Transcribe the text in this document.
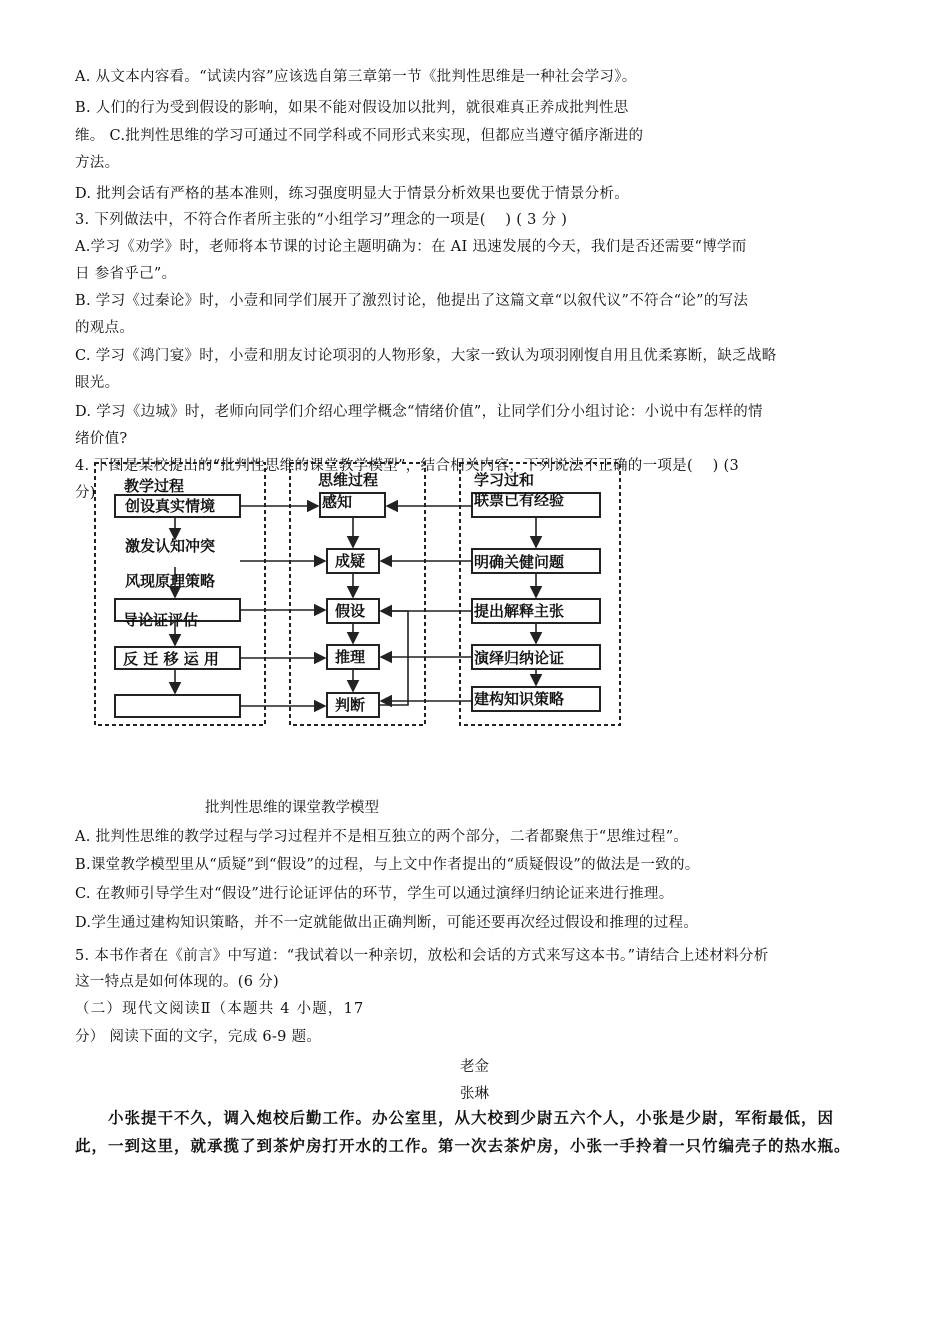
A. 从文本内容看。“试读内容”应该选自第三章第一节《批判性思维是一种社会学习》。
B. 人们的行为受到假设的影响，如果不能对假设加以批判，就很难真正养成批判性思
维。 C.批判性思维的学习可通过不同学科或不同形式来实现，但都应当遵守循序渐进的
方法。
D. 批判会话有严格的基本准则，练习强度明显大于情景分析效果也要优于情景分析。
3. 下列做法中，不符合作者所主张的“小组学习”理念的一项是(　 ) ( 3 分 )
A.学习《劝学》时，老师将本节课的讨论主题明确为：在 AI 迅速发展的今天，我们是否还需要“博学而
日 参省乎己”。
B. 学习《过秦论》时，小壹和同学们展开了激烈讨论，他提出了这篇文章“以叙代议”不符合“论”的写法
的观点。
C. 学习《鸿门宴》时，小壹和朋友讨论项羽的人物形象，大家一致认为项羽刚愎自用且优柔寡断，缺乏战略
眼光。
D. 学习《边城》时，老师向同学们介绍心理学概念“情绪价值”，让同学们分小组讨论：小说中有怎样的情
绪价值?
4. 下图是某校提出的“批判性思维的课堂教学模型”，结合相关内容，下列说法不正确的一项是(　 ) (3
分) 教学过程	思维过程	学习过和
创设真实情境
激发认知冲突
风现原理策略
导论证评估
反 迁 移 运 用
感知
成疑
假设
推理
判断
联票已有经验
明确关健问题
提出解释主张
演绎归纳论证
建构知识策略
批判性思维的课堂教学模型
A. 批判性思维的教学过程与学习过程并不是相互独立的两个部分，二者都聚焦于“思维过程”。
B.课堂教学模型里从“质疑”到“假设”的过程，与上文中作者提出的“质疑假设”的做法是一致的。
C. 在教师引导学生对“假设”进行论证评估的环节，学生可以通过演绎归纳论证来进行推理。
D.学生通过建构知识策略，并不一定就能做出正确判断，可能还要再次经过假设和推理的过程。
5. 本书作者在《前言》中写道：“我试着以一种亲切，放松和会话的方式来写这本书。”请结合上述材料分析
这一特点是如何体现的。(6 分)
（二）现代文阅读Ⅱ（本题共 4 小题，17
分） 阅读下面的文字，完成 6-9 题。
老金
张琳
　　小张提干不久，调入炮校后勤工作。办公室里，从大校到少尉五六个人，小张是少尉，军衔最低，因
此，一到这里，就承揽了到茶炉房打开水的工作。第一次去茶炉房，小张一手拎着一只竹编壳子的热水瓶。
